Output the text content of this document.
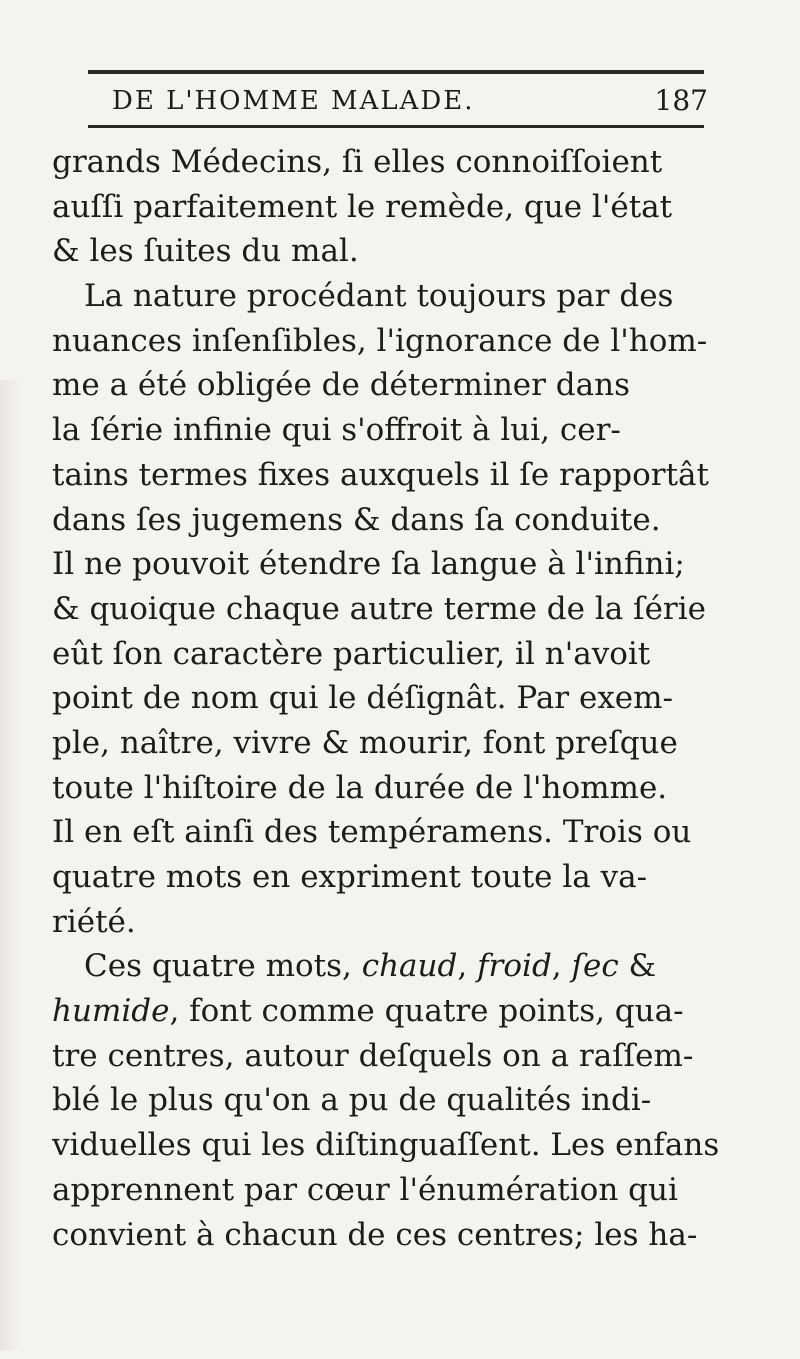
DE L'HOMME MALADE.	187
grands Médecins, ſi elles connoiſſoient
auſſi parfaitement le remède, que l'état
& les ſuites du mal.
La nature procédant toujours par des
nuances inſenſibles, l'ignorance de l'hom-
me a été obligée de déterminer dans
la ſérie infinie qui s'offroit à lui, cer-
tains termes fixes auxquels il ſe rapportât
dans ſes jugemens & dans ſa conduite.
Il ne pouvoit étendre ſa langue à l'infini;
& quoique chaque autre terme de la ſérie
eût ſon caractère particulier, il n'avoit
point de nom qui le déſignât. Par exem-
ple, naître, vivre & mourir, font preſque
toute l'hiſtoire de la durée de l'homme.
Il en eſt ainſi des tempéramens. Trois ou
quatre mots en expriment toute la va-
riété.
Ces quatre mots, chaud, froid, ſec &
humide, font comme quatre points, qua-
tre centres, autour deſquels on a raſſem-
blé le plus qu'on a pu de qualités indi-
viduelles qui les diſtinguaſſent. Les enfans
apprennent par cœur l'énumération qui
convient à chacun de ces centres; les ha-
